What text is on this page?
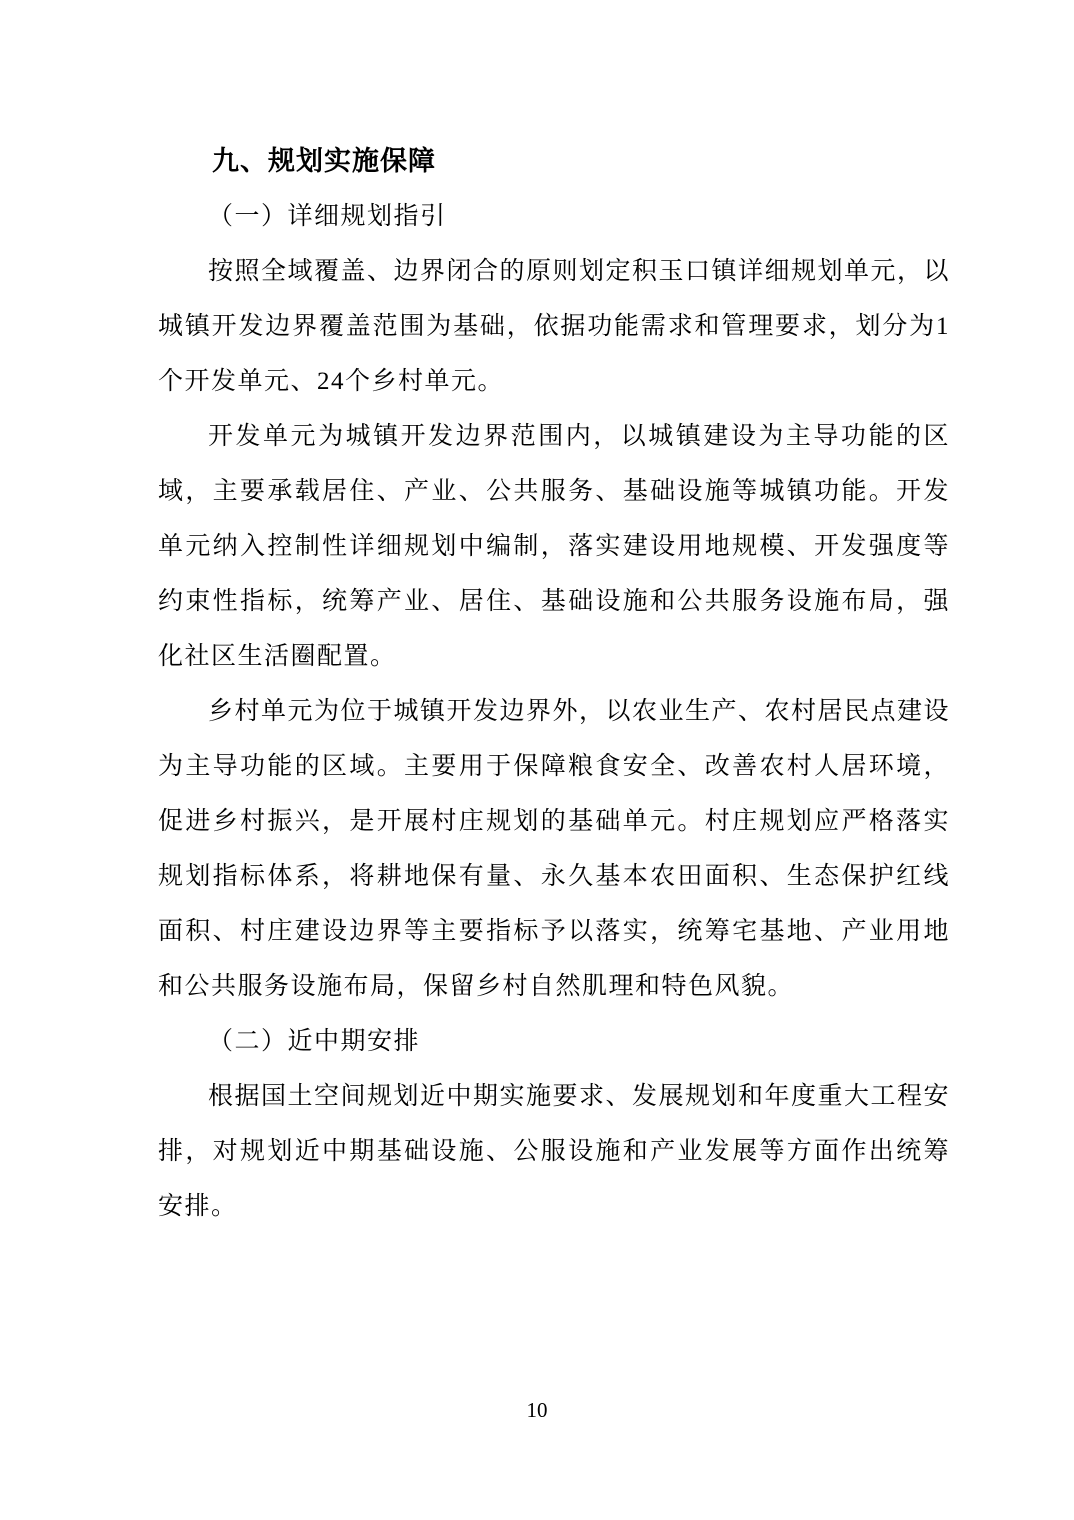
九、规划实施保障
（一）详细规划指引

按照全域覆盖、边界闭合的原则划定积玉口镇详细规划单元，以城镇开发边界覆盖范围为基础，依据功能需求和管理要求，划分为1个开发单元、24个乡村单元。

开发单元为城镇开发边界范围内，以城镇建设为主导功能的区域，主要承载居住、产业、公共服务、基础设施等城镇功能。开发单元纳入控制性详细规划中编制，落实建设用地规模、开发强度等约束性指标，统筹产业、居住、基础设施和公共服务设施布局，强化社区生活圈配置。

乡村单元为位于城镇开发边界外，以农业生产、农村居民点建设为主导功能的区域。主要用于保障粮食安全、改善农村人居环境，促进乡村振兴，是开展村庄规划的基础单元。村庄规划应严格落实规划指标体系，将耕地保有量、永久基本农田面积、生态保护红线面积、村庄建设边界等主要指标予以落实，统筹宅基地、产业用地和公共服务设施布局，保留乡村自然肌理和特色风貌。

（二）近中期安排

根据国土空间规划近中期实施要求、发展规划和年度重大工程安排，对规划近中期基础设施、公服设施和产业发展等方面作出统筹安排。

10
